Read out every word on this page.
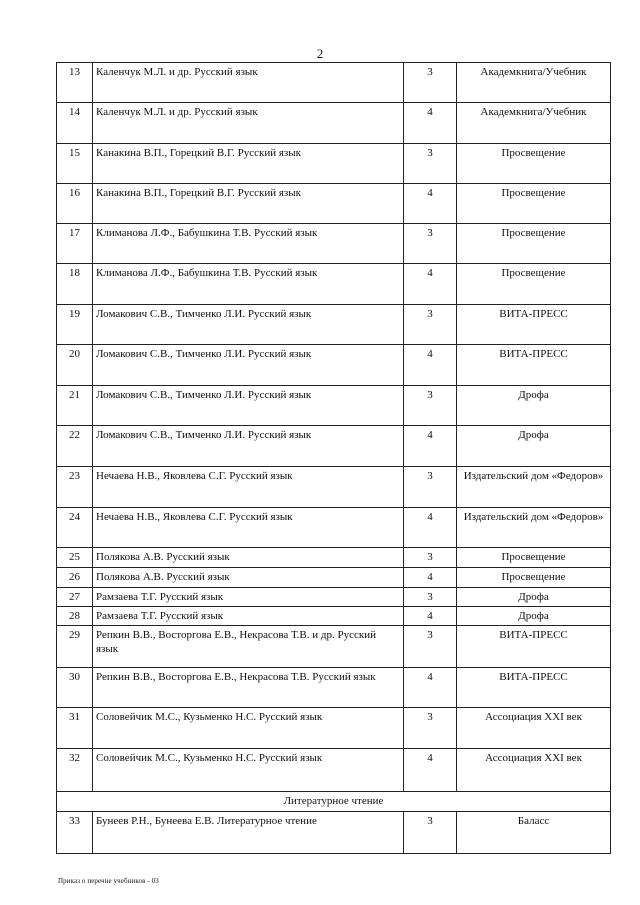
2
13	Каленчук М.Л. и др. Русский язык	3	Академкнига/Учебник
14	Каленчук М.Л. и др. Русский язык	4	Академкнига/Учебник
15	Канакина В.П., Горецкий В.Г. Русский язык	3	Просвещение
16	Канакина В.П., Горецкий В.Г. Русский язык	4	Просвещение
17	Климанова Л.Ф., Бабушкина Т.В. Русский язык	3	Просвещение
18	Климанова Л.Ф., Бабушкина Т.В. Русский язык	4	Просвещение
19	Ломакович С.В., Тимченко Л.И. Русский язык	3	ВИТА-ПРЕСС
20	Ломакович С.В., Тимченко Л.И. Русский язык	4	ВИТА-ПРЕСС
21	Ломакович С.В., Тимченко Л.И. Русский язык	3	Дрофа
22	Ломакович С.В., Тимченко Л.И. Русский язык	4	Дрофа
23	Нечаева Н.В., Яковлева С.Г. Русский язык	3	Издательский дом «Федоров»
24	Нечаева Н.В., Яковлева С.Г. Русский язык	4	Издательский дом «Федоров»
25	Полякова А.В. Русский язык	3	Просвещение
26	Полякова А.В. Русский язык	4	Просвещение
27	Рамзаева Т.Г. Русский язык	3	Дрофа
28	Рамзаева Т.Г. Русский язык	4	Дрофа
29	Репкин В.В., Восторгова Е.В., Некрасова Т.В. и др. Русский язык	3	ВИТА-ПРЕСС
30	Репкин В.В., Восторгова Е.В., Некрасова Т.В. Русский язык	4	ВИТА-ПРЕСС
31	Соловейчик М.С., Кузьменко Н.С. Русский язык	3	Ассоциация XXI век
32	Соловейчик М.С., Кузьменко Н.С. Русский язык	4	Ассоциация XXI век
Литературное чтение			
33	Бунеев Р.Н., Бунеева Е.В. Литературное чтение	3	Баласс
Приказ о перечне учебников - 03
